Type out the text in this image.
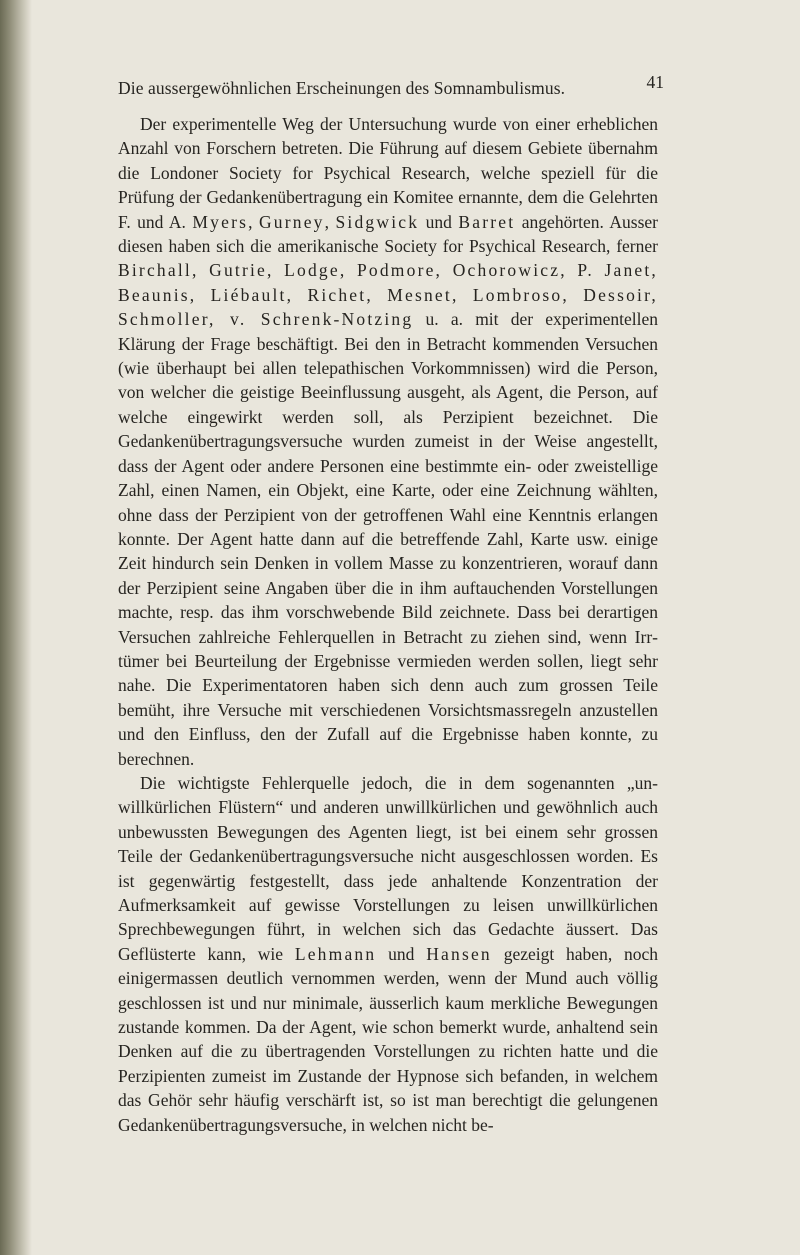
Die aussergewöhnlichen Erscheinungen des Somnambulismus.	41

Der experimentelle Weg der Untersuchung wurde von einer erheblichen Anzahl von Forschern betreten. Die Führung auf diesem Gebiete übernahm die Londoner Society for Psychical Research, welche speziell für die Prüfung der Gedankenübertragung ein Komitee ernannte, dem die Gelehrten F. und A. Myers, Gurney, Sidgwick und Barret angehörten. Ausser diesen haben sich die amerikanische Society for Psychical Research, ferner Birchall, Gutrie, Lodge, Podmore, Ochorowicz, P. Janet, Beaunis, Liébault, Richet, Mesnet, Lombroso, Dessoir, Schmoller, v. Schrenk-Notzing u. a. mit der experimentellen Klärung der Frage beschäftigt. Bei den in Betracht kommenden Versuchen (wie überhaupt bei allen telepathischen Vorkommnissen) wird die Person, von welcher die geistige Beeinflussung ausgeht, als Agent, die Person, auf welche eingewirkt werden soll, als Perzipient bezeichnet. Die Gedankenübertragungsversuche wurden zumeist in der Weise angestellt, dass der Agent oder andere Personen eine bestimmte ein- oder zweistellige Zahl, einen Namen, ein Objekt, eine Karte, oder eine Zeichnung wählten, ohne dass der Perzipient von der getroffenen Wahl eine Kenntnis erlangen konnte. Der Agent hatte dann auf die betreffende Zahl, Karte usw. einige Zeit hindurch sein Denken in vollem Masse zu konzentrieren, worauf dann der Perzipient seine Angaben über die in ihm auftauchenden Vorstellungen machte, resp. das ihm vorschwebende Bild zeichnete. Dass bei derartigen Versuchen zahlreiche Fehlerquellen in Betracht zu ziehen sind, wenn Irrtümer bei Beurteilung der Ergebnisse vermieden werden sollen, liegt sehr nahe. Die Experimentatoren haben sich denn auch zum grossen Teile bemüht, ihre Versuche mit verschiedenen Vorsichtsmassregeln anzustellen und den Einfluss, den der Zufall auf die Ergebnisse haben konnte, zu berechnen.

Die wichtigste Fehlerquelle jedoch, die in dem sogenannten „unwillkürlichen Flüstern“ und anderen unwillkürlichen und gewöhnlich auch unbewussten Bewegungen des Agenten liegt, ist bei einem sehr grossen Teile der Gedankenübertragungsversuche nicht ausgeschlossen worden. Es ist gegenwärtig festgestellt, dass jede anhaltende Konzentration der Aufmerksamkeit auf gewisse Vorstellungen zu leisen unwillkürlichen Sprechbewegungen führt, in welchen sich das Gedachte äussert. Das Geflüsterte kann, wie Lehmann und Hansen gezeigt haben, noch einigermassen deutlich vernommen werden, wenn der Mund auch völlig geschlossen ist und nur minimale, äusserlich kaum merkliche Bewegungen zustande kommen. Da der Agent, wie schon bemerkt wurde, anhaltend sein Denken auf die zu übertragenden Vorstellungen zu richten hatte und die Perzipienten zumeist im Zustande der Hypnose sich befanden, in welchem das Gehör sehr häufig verschärft ist, so ist man berechtigt die gelungenen Gedankenübertragungsversuche, in welchen nicht be-
